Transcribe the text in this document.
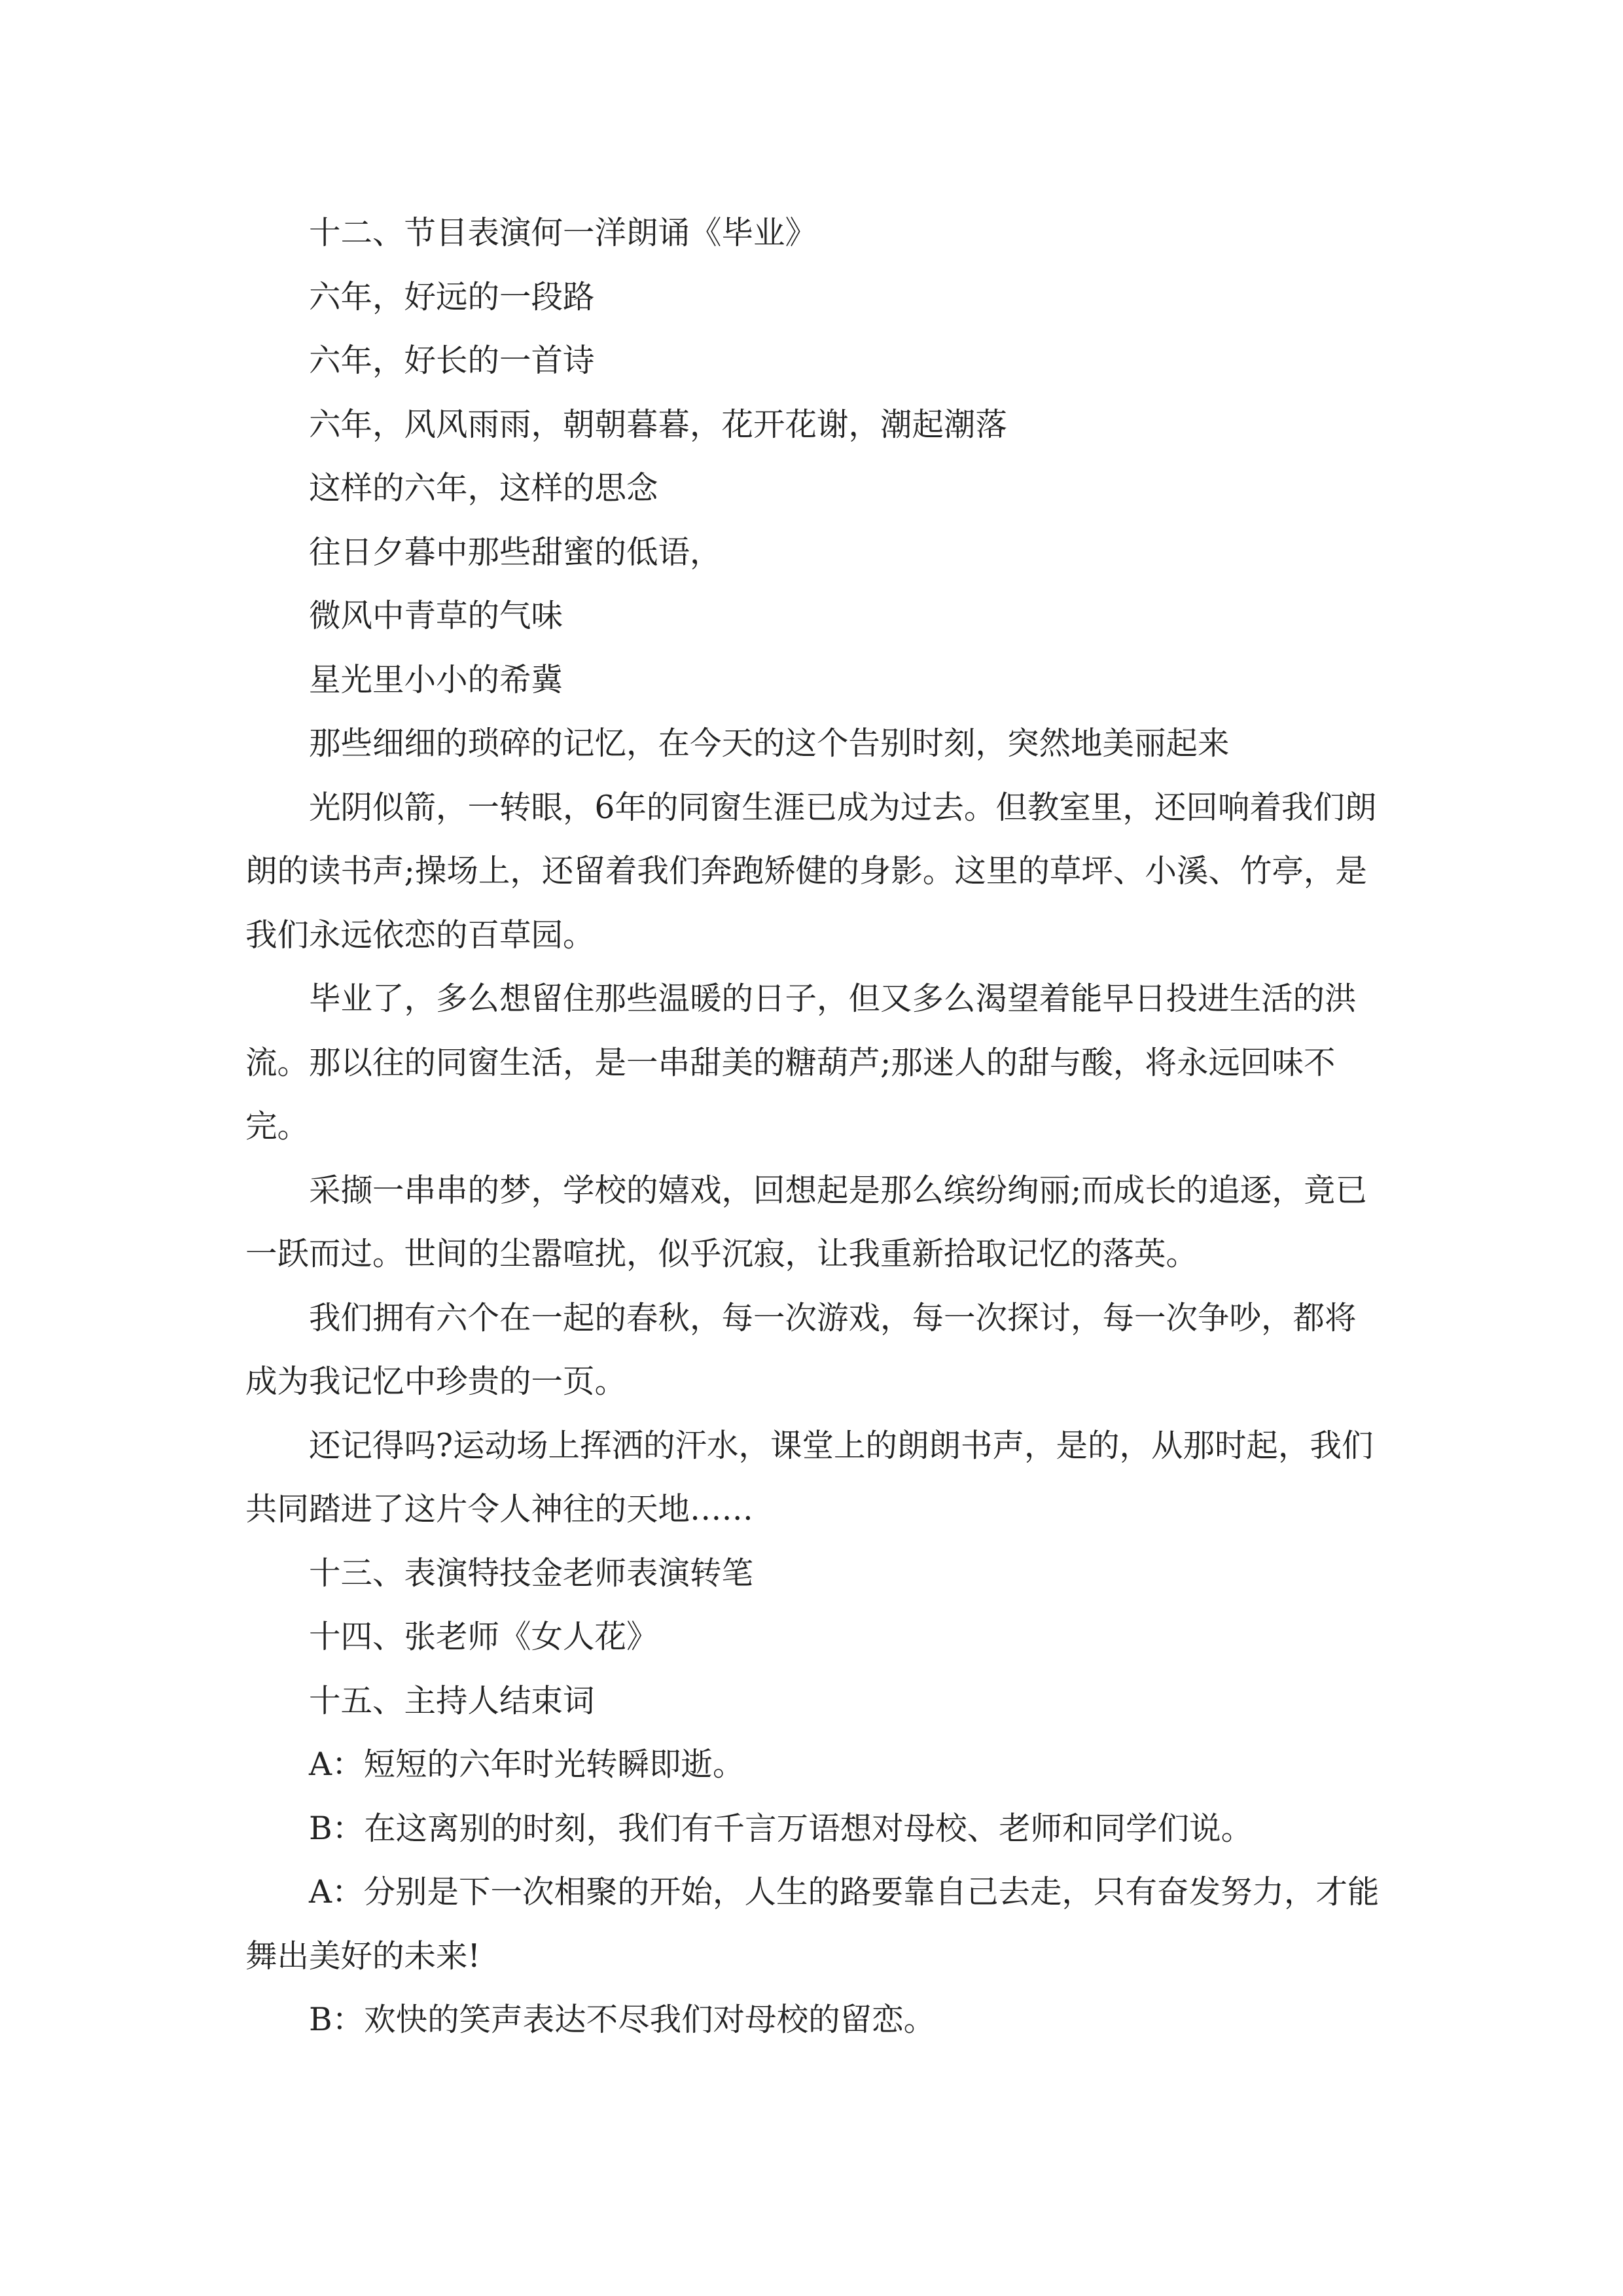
十二、节目表演何一洋朗诵《毕业》

六年，好远的一段路

六年，好长的一首诗

六年，风风雨雨，朝朝暮暮，花开花谢，潮起潮落

这样的六年，这样的思念

往日夕暮中那些甜蜜的低语，

微风中青草的气味

星光里小小的希冀

那些细细的琐碎的记忆，在今天的这个告别时刻，突然地美丽起来

光阴似箭，一转眼，6年的同窗生涯已成为过去。但教室里，还回响着我们朗朗的读书声;操场上，还留着我们奔跑矫健的身影。这里的草坪、小溪、竹亭，是我们永远依恋的百草园。

毕业了，多么想留住那些温暖的日子，但又多么渴望着能早日投进生活的洪流。那以往的同窗生活，是一串甜美的糖葫芦;那迷人的甜与酸，将永远回味不完。

采撷一串串的梦，学校的嬉戏，回想起是那么缤纷绚丽;而成长的追逐，竟已一跃而过。世间的尘嚣喧扰，似乎沉寂，让我重新拾取记忆的落英。

我们拥有六个在一起的春秋，每一次游戏，每一次探讨，每一次争吵，都将成为我记忆中珍贵的一页。

还记得吗?运动场上挥洒的汗水，课堂上的朗朗书声，是的，从那时起，我们共同踏进了这片令人神往的天地……

十三、表演特技金老师表演转笔

十四、张老师《女人花》

十五、主持人结束词

A：短短的六年时光转瞬即逝。

B：在这离别的时刻，我们有千言万语想对母校、老师和同学们说。

A：分别是下一次相聚的开始，人生的路要靠自己去走，只有奋发努力，才能舞出美好的未来!

B：欢快的笑声表达不尽我们对母校的留恋。
